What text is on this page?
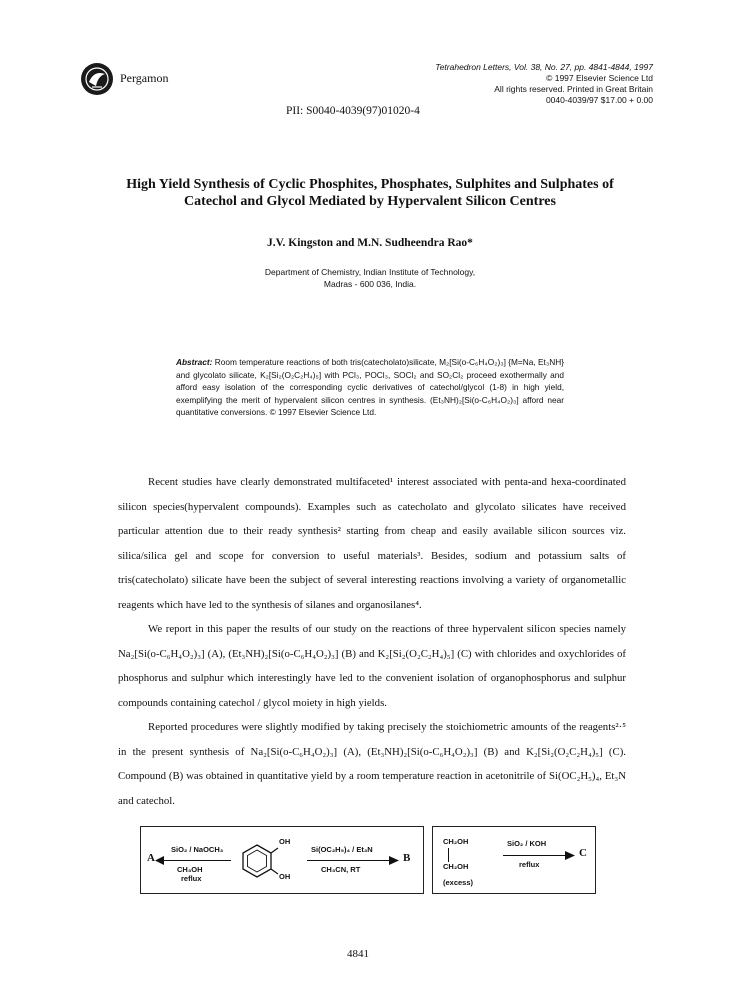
Pergamon
Tetrahedron Letters, Vol. 38, No. 27, pp. 4841-4844, 1997
© 1997 Elsevier Science Ltd
All rights reserved. Printed in Great Britain
0040-4039/97 $17.00 + 0.00
PII: S0040-4039(97)01020-4
High Yield Synthesis of Cyclic Phosphites, Phosphates, Sulphites and Sulphates of
Catechol and Glycol Mediated by Hypervalent Silicon Centres
J.V. Kingston and M.N. Sudheendra Rao*
Department of Chemistry, Indian Institute of Technology,
Madras - 600 036, India.
Abstract: Room temperature reactions of both tris(catecholato)silicate, M₂[Si(o-C₆H₄O₂)₃] {M=Na, Et₃NH} and glycolato silicate, K₂[Si₂(O₂C₂H₄)₅] with PCl₃, POCl₃, SOCl₂ and SO₂Cl₂ proceed exothermally and afford easy isolation of the corresponding cyclic derivatives of catechol/glycol (1-8) in high yield, exemplifying the merit of hypervalent silicon centres in synthesis. (Et₃NH)₂[Si(o-C₆H₄O₂)₃] afford near quantitative conversions. © 1997 Elsevier Science Ltd.

Recent studies have clearly demonstrated multifaceted¹ interest associated with penta-and hexa-coordinated silicon species(hypervalent compounds). Examples such as catecholato and glycolato silicates have received particular attention due to their ready synthesis² starting from cheap and easily available silicon sources viz. silica/silica gel and scope for conversion to useful materials³. Besides, sodium and potassium salts of tris(catecholato) silicate have been the subject of several interesting reactions involving a variety of organometallic reagents which have led to the synthesis of silanes and organosilanes⁴.

We report in this paper the results of our study on the reactions of three hypervalent silicon species namely Na₂[Si(o-C₆H₄O₂)₃] (A), (Et₃NH)₂[Si(o-C₆H₄O₂)₃] (B) and K₂[Si₂(O₂C₂H₄)₅] (C) with chlorides and oxychlorides of phosphorus and sulphur which interestingly have led to the convenient isolation of organophosphorus and sulphur compounds containing catechol / glycol moiety in high yields.

Reported procedures were slightly modified by taking precisely the stoichiometric amounts of the reagents²·⁵ in the present synthesis of Na₂[Si(o-C₆H₄O₂)₃] (A), (Et₃NH)₂[Si(o-C₆H₄O₂)₃] (B) and K₂[Si₂(O₂C₂H₄)₅] (C). Compound (B) was obtained in quantitative yield by a room temperature reaction in acetonitrile of Si(OC₂H₅)₄, Et₃N and catechol.

A
SiO₂ / NaOCH₃
CH₃OH
reflux
OH
OH
Si(OC₂H₅)₄ / Et₃N
CH₃CN, RT
B
CH₂OH
CH₂OH
(excess)
SiO₂ / KOH
reflux
C
4841
